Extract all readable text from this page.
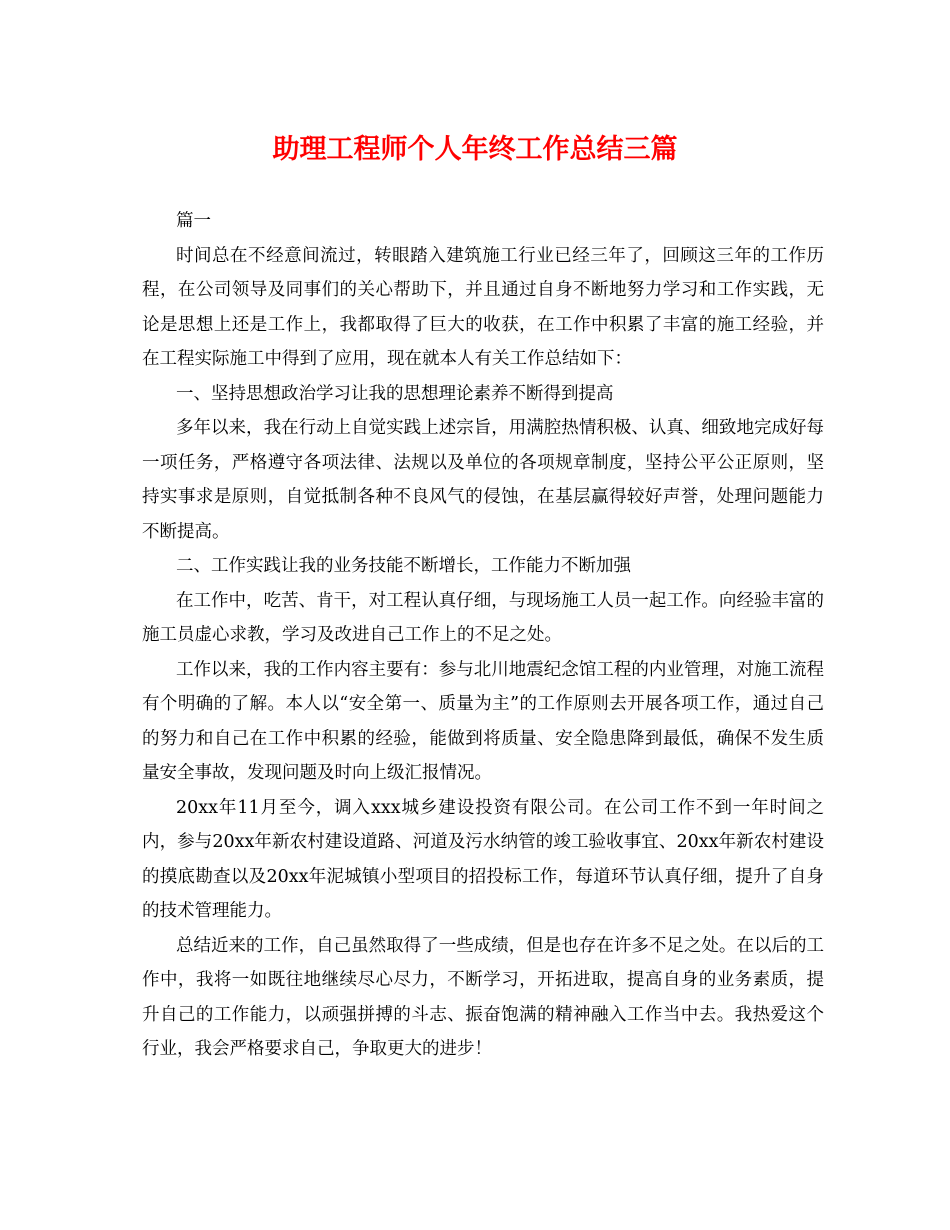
助理工程师个人年终工作总结三篇

篇一

时间总在不经意间流过，转眼踏入建筑施工行业已经三年了，回顾这三年的工作历程，在公司领导及同事们的关心帮助下，并且通过自身不断地努力学习和工作实践，无论是思想上还是工作上，我都取得了巨大的收获，在工作中积累了丰富的施工经验，并在工程实际施工中得到了应用，现在就本人有关工作总结如下：

一、坚持思想政治学习让我的思想理论素养不断得到提高

多年以来，我在行动上自觉实践上述宗旨，用满腔热情积极、认真、细致地完成好每一项任务，严格遵守各项法律、法规以及单位的各项规章制度，坚持公平公正原则，坚持实事求是原则，自觉抵制各种不良风气的侵蚀，在基层赢得较好声誉，处理问题能力不断提高。

二、工作实践让我的业务技能不断增长，工作能力不断加强

在工作中，吃苦、肯干，对工程认真仔细，与现场施工人员一起工作。向经验丰富的施工员虚心求教，学习及改进自己工作上的不足之处。

工作以来，我的工作内容主要有：参与北川地震纪念馆工程的内业管理，对施工流程有个明确的了解。本人以“安全第一、质量为主”的工作原则去开展各项工作，通过自己的努力和自己在工作中积累的经验，能做到将质量、安全隐患降到最低，确保不发生质量安全事故，发现问题及时向上级汇报情况。

20xx年11月至今，调入xxx城乡建设投资有限公司。在公司工作不到一年时间之内，参与20xx年新农村建设道路、河道及污水纳管的竣工验收事宜、20xx年新农村建设的摸底勘查以及20xx年泥城镇小型项目的招投标工作，每道环节认真仔细，提升了自身的技术管理能力。

总结近来的工作，自己虽然取得了一些成绩，但是也存在许多不足之处。在以后的工作中，我将一如既往地继续尽心尽力，不断学习，开拓进取，提高自身的业务素质，提升自己的工作能力，以顽强拼搏的斗志、振奋饱满的精神融入工作当中去。我热爱这个行业，我会严格要求自己，争取更大的进步！
